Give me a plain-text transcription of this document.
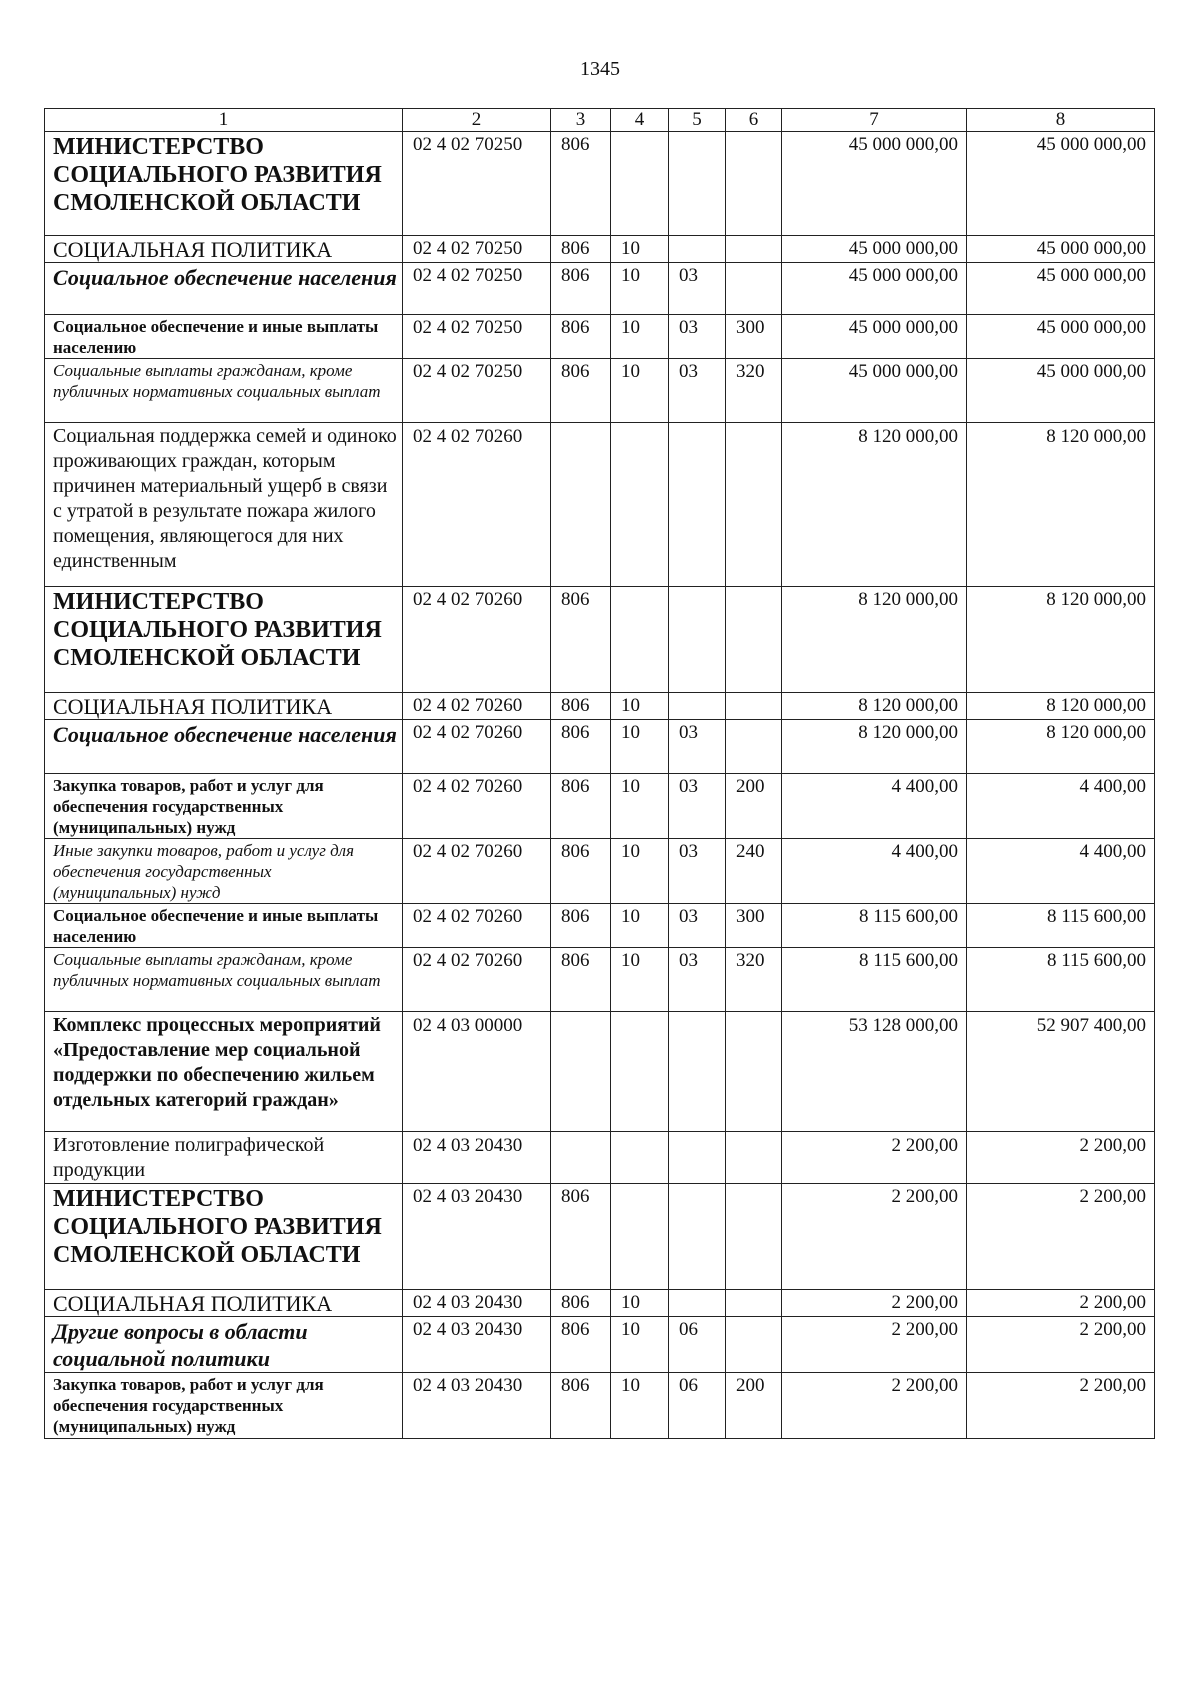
1345
1	2	3	4	5	6	7	8
МИНИСТЕРСТВО СОЦИАЛЬНОГО РАЗВИТИЯ СМОЛЕНСКОЙ ОБЛАСТИ	02 4 02 70250	806				45 000 000,00	45 000 000,00
СОЦИАЛЬНАЯ ПОЛИТИКА	02 4 02 70250	806	10			45 000 000,00	45 000 000,00
Социальное обеспечение населения	02 4 02 70250	806	10	03		45 000 000,00	45 000 000,00
Социальное обеспечение и иные выплаты населению	02 4 02 70250	806	10	03	300	45 000 000,00	45 000 000,00
Социальные выплаты гражданам, кроме публичных нормативных социальных выплат	02 4 02 70250	806	10	03	320	45 000 000,00	45 000 000,00
Социальная поддержка семей и одиноко проживающих граждан, которым причинен материальный ущерб в связи с утратой в результате пожара жилого помещения, являющегося для них единственным	02 4 02 70260					8 120 000,00	8 120 000,00
МИНИСТЕРСТВО СОЦИАЛЬНОГО РАЗВИТИЯ СМОЛЕНСКОЙ ОБЛАСТИ	02 4 02 70260	806				8 120 000,00	8 120 000,00
СОЦИАЛЬНАЯ ПОЛИТИКА	02 4 02 70260	806	10			8 120 000,00	8 120 000,00
Социальное обеспечение населения	02 4 02 70260	806	10	03		8 120 000,00	8 120 000,00
Закупка товаров, работ и услуг для обеспечения государственных (муниципальных) нужд	02 4 02 70260	806	10	03	200	4 400,00	4 400,00
Иные закупки товаров, работ и услуг для обеспечения государственных (муниципальных) нужд	02 4 02 70260	806	10	03	240	4 400,00	4 400,00
Социальное обеспечение и иные выплаты населению	02 4 02 70260	806	10	03	300	8 115 600,00	8 115 600,00
Социальные выплаты гражданам, кроме публичных нормативных социальных выплат	02 4 02 70260	806	10	03	320	8 115 600,00	8 115 600,00
Комплекс процессных мероприятий «Предоставление мер социальной поддержки по обеспечению жильем отдельных категорий граждан»	02 4 03 00000					53 128 000,00	52 907 400,00
Изготовление полиграфической продукции	02 4 03 20430					2 200,00	2 200,00
МИНИСТЕРСТВО СОЦИАЛЬНОГО РАЗВИТИЯ СМОЛЕНСКОЙ ОБЛАСТИ	02 4 03 20430	806				2 200,00	2 200,00
СОЦИАЛЬНАЯ ПОЛИТИКА	02 4 03 20430	806	10			2 200,00	2 200,00
Другие вопросы в области социальной политики	02 4 03 20430	806	10	06		2 200,00	2 200,00
Закупка товаров, работ и услуг для обеспечения государственных (муниципальных) нужд	02 4 03 20430	806	10	06	200	2 200,00	2 200,00
